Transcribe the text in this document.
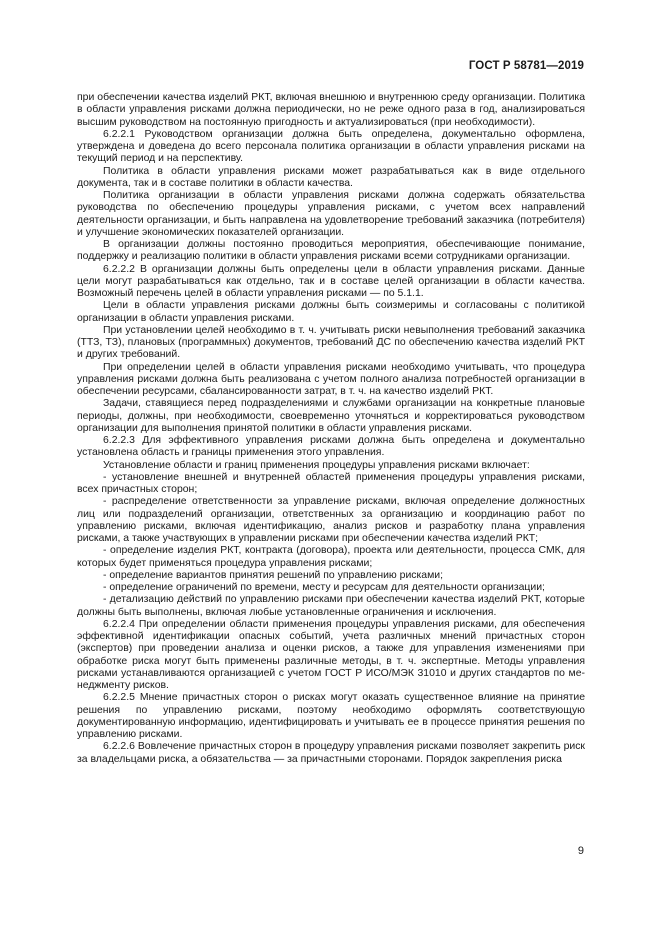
ГОСТ Р 58781—2019

при обеспечении качества изделий РКТ, включая внешнюю и внутреннюю среду организации. Политика в области управления рисками должна периодически, но не реже одного раза в год, анализироваться высшим руководством на постоянную пригодность и актуализироваться (при необходимости).

6.2.2.1 Руководством организации должна быть определена, документально оформлена, утверждена и доведена до всего персонала политика организации в области управления рисками на текущий период и на перспективу.

Политика в области управления рисками может разрабатываться как в виде отдельного документа, так и в составе политики в области качества.

Политика организации в области управления рисками должна содержать обязательства руководства по обеспечению процедуры управления рисками, с учетом всех направлений деятельности организации, и быть направлена на удовлетворение требований заказчика (потребителя) и улучшение экономических показателей организации.

В организации должны постоянно проводиться мероприятия, обеспечивающие понимание, поддержку и реализацию политики в области управления рисками всеми сотрудниками организации.

6.2.2.2 В организации должны быть определены цели в области управления рисками. Данные цели могут разрабатываться как отдельно, так и в составе целей организации в области качества. Возможный перечень целей в области управления рисками — по 5.1.1.

Цели в области управления рисками должны быть соизмеримы и согласованы с политикой организации в области управления рисками.

При установлении целей необходимо в т. ч. учитывать риски невыполнения требований заказчика (ТТЗ, ТЗ), плановых (программных) документов, требований ДС по обеспечению качества изделий РКТ и других требований.

При определении целей в области управления рисками необходимо учитывать, что процедура управления рисками должна быть реализована с учетом полного анализа потребностей организации в обеспечении ресурсами, сбалансированности затрат, в т. ч. на качество изделий РКТ.

Задачи, ставящиеся перед подразделениями и службами организации на конкретные плановые периоды, должны, при необходимости, своевременно уточняться и корректироваться руководством организации для выполнения принятой политики в области управления рисками.

6.2.2.3 Для эффективного управления рисками должна быть определена и документально установлена область и границы применения этого управления.

Установление области и границ применения процедуры управления рисками включает:

- установление внешней и внутренней областей применения процедуры управления рисками, всех причастных сторон;

- распределение ответственности за управление рисками, включая определение должностных лиц или подразделений организации, ответственных за организацию и координацию работ по управлению рисками, включая идентификацию, анализ рисков и разработку плана управления рисками, а также участвующих в управлении рисками при обеспечении качества изделий РКТ;

- определение изделия РКТ, контракта (договора), проекта или деятельности, процесса СМК, для которых будет применяться процедура управления рисками;

- определение вариантов принятия решений по управлению рисками;

- определение ограничений по времени, месту и ресурсам для деятельности организации;

- детализацию действий по управлению рисками при обеспечении качества изделий РКТ, которые должны быть выполнены, включая любые установленные ограничения и исключения.

6.2.2.4 При определении области применения процедуры управления рисками, для обеспечения эффективной идентификации опасных событий, учета различных мнений причастных сторон (экспертов) при проведении анализа и оценки рисков, а также для управления изменениями при обработке риска могут быть применены различные методы, в т. ч. экспертные. Методы управления рисками устанавливаются организацией с учетом ГОСТ Р ИСО/МЭК 31010 и других стандартов по менеджменту рисков.

6.2.2.5 Мнение причастных сторон о рисках могут оказать существенное влияние на принятие решения по управлению рисками, поэтому необходимо оформлять соответствующую документированную информацию, идентифицировать и учитывать ее в процессе принятия решения по управлению рисками.

6.2.2.6 Вовлечение причастных сторон в процедуру управления рисками позволяет закрепить риск за владельцами риска, а обязательства — за причастными сторонами. Порядок закрепления риска

9
